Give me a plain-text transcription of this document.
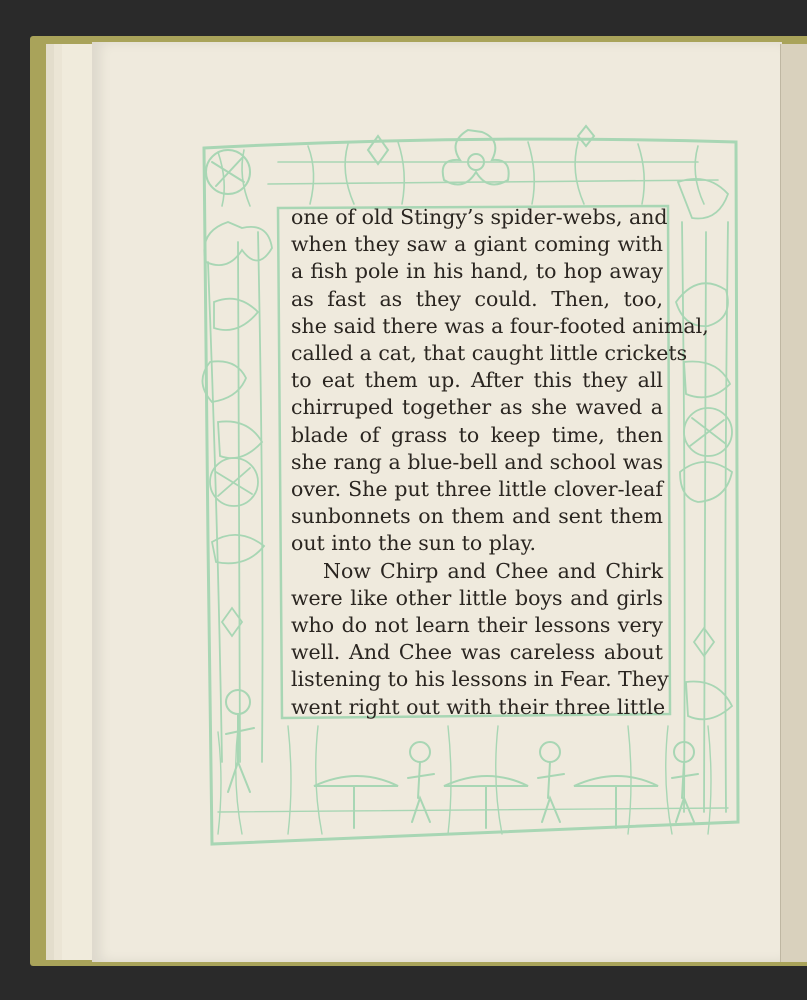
one of old Stingy’s spider-webs, and
when they saw a giant coming with
a fish pole in his hand, to hop away
as fast as they could. Then, too,
she said there was a four-footed animal,
called a cat, that caught little crickets
to eat them up. After this they all
chirruped together as she waved a
blade of grass to keep time, then
she rang a blue-bell and school was
over. She put three little clover-leaf
sunbonnets on them and sent them
out into the sun to play.
Now Chirp and Chee and Chirk
were like other little boys and girls
who do not learn their lessons very
well. And Chee was careless about
listening to his lessons in Fear. They
went right out with their three little
